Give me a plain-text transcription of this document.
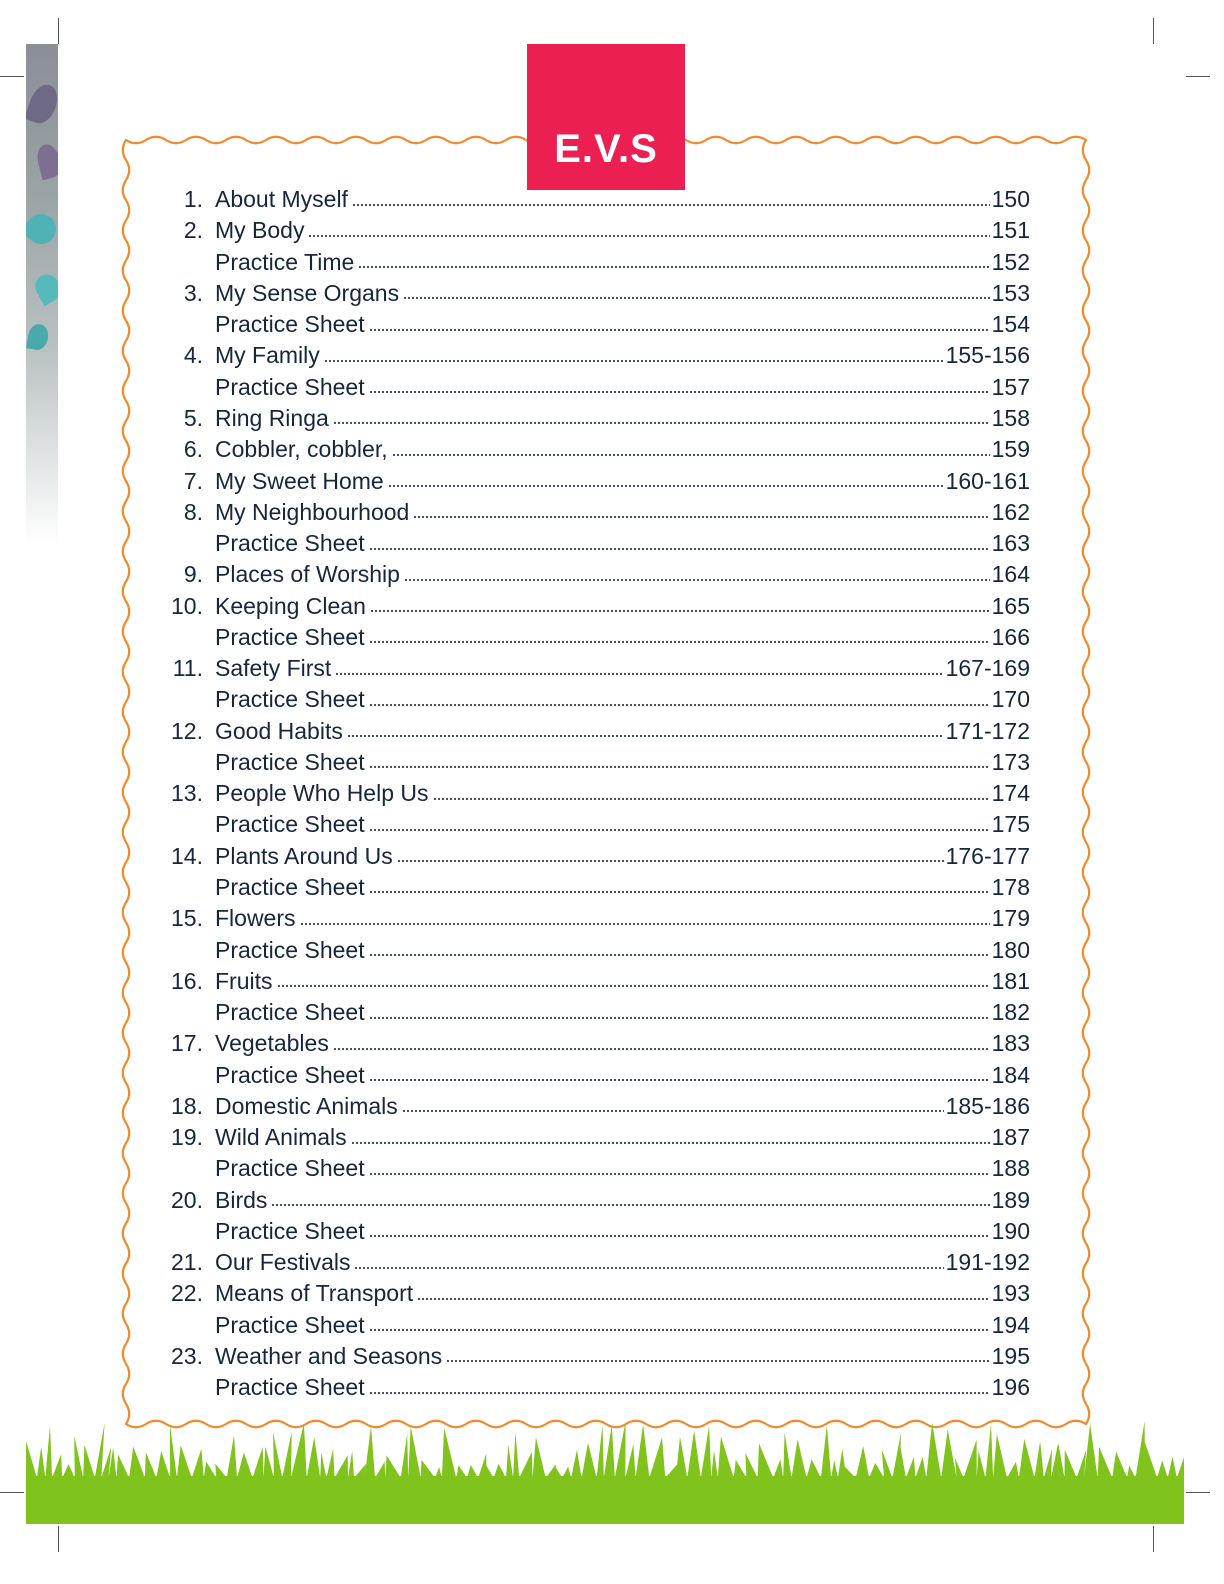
E.V.S
1. About Myself	150
2. My Body	151
Practice Time	152
3. My Sense Organs	153
Practice Sheet	154
4. My Family	155-156
Practice Sheet	157
5. Ring Ringa	158
6. Cobbler, cobbler,	159
7. My Sweet Home	160-161
8. My Neighbourhood	162
Practice Sheet	163
9. Places of Worship	164
10. Keeping Clean	165
Practice Sheet	166
11. Safety First	167-169
Practice Sheet	170
12. Good Habits	171-172
Practice Sheet	173
13. People Who Help Us	174
Practice Sheet	175
14. Plants Around Us	176-177
Practice Sheet	178
15. Flowers	179
Practice Sheet	180
16. Fruits	181
Practice Sheet	182
17. Vegetables	183
Practice Sheet	184
18. Domestic Animals	185-186
19. Wild Animals	187
Practice Sheet	188
20. Birds	189
Practice Sheet	190
21. Our Festivals	191-192
22. Means of Transport	193
Practice Sheet	194
23. Weather and Seasons	195
Practice Sheet	196
